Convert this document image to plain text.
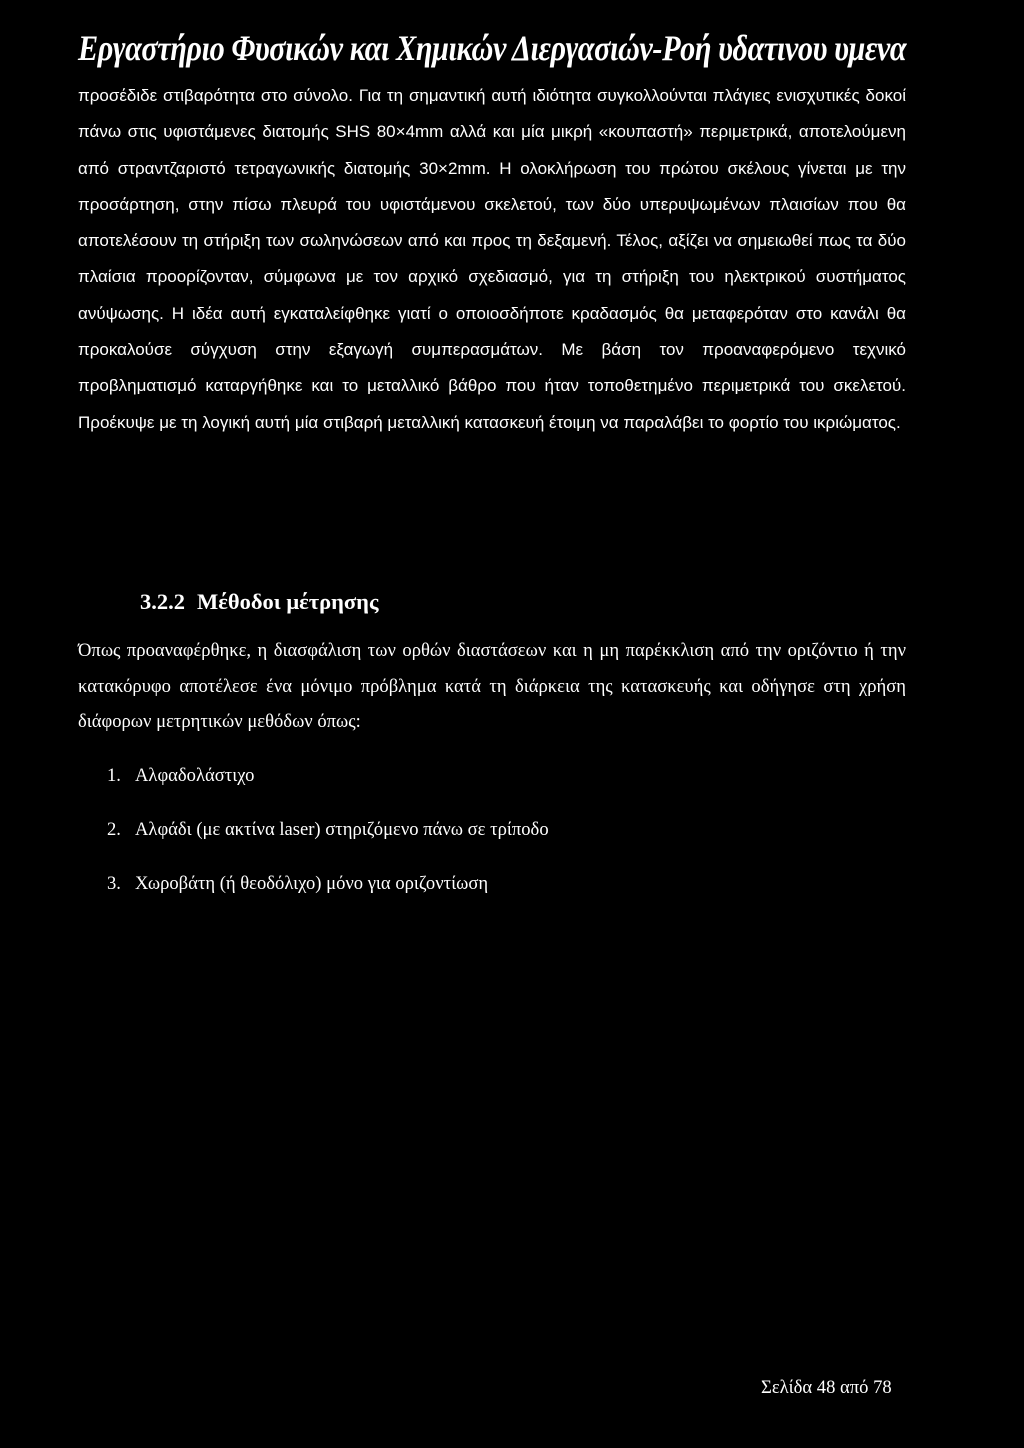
Εργαστήριο Φυσικών και Χημικών Διεργασιών-Ροή υδατινου υμενα

προσέδιδε στιβαρότητα στο σύνολο. Για τη σημαντική αυτή ιδιότητα συγκολλούνται πλάγιες ενισχυτικές δοκοί πάνω στις υφιστάμενες διατομής SHS 80×4mm αλλά και μία μικρή «κουπαστή» περιμετρικά, αποτελούμενη από στραντζαριστό τετραγωνικής διατομής 30×2mm. Η ολοκλήρωση του πρώτου σκέλους γίνεται με την προσάρτηση, στην πίσω πλευρά του υφιστάμενου σκελετού, των δύο υπερυψωμένων πλαισίων που θα αποτελέσουν τη στήριξη των σωληνώσεων από και προς τη δεξαμενή. Τέλος, αξίζει να σημειωθεί πως τα δύο πλαίσια προορίζονταν, σύμφωνα με τον αρχικό σχεδιασμό, για τη στήριξη του ηλεκτρικού συστήματος ανύψωσης. Η ιδέα αυτή εγκαταλείφθηκε γιατί ο οποιοσδήποτε κραδασμός θα μεταφερόταν στο κανάλι θα προκαλούσε σύγχυση στην εξαγωγή συμπερασμάτων. Με βάση τον προαναφερόμενο τεχνικό προβληματισμό καταργήθηκε και το μεταλλικό βάθρο που ήταν τοποθετημένο περιμετρικά του σκελετού. Προέκυψε με τη λογική αυτή μία στιβαρή μεταλλική κατασκευή έτοιμη να παραλάβει το φορτίο του ικριώματος.

3.2.2 Μέθοδοι μέτρησης

Όπως προαναφέρθηκε, η διασφάλιση των ορθών διαστάσεων και η μη παρέκκλιση από την οριζόντιο ή την κατακόρυφο αποτέλεσε ένα μόνιμο πρόβλημα κατά τη διάρκεια της κατασκευής και οδήγησε στη χρήση διάφορων μετρητικών μεθόδων όπως:

1. Αλφαδολάστιχο
2. Αλφάδι (με ακτίνα laser) στηριζόμενο πάνω σε τρίποδο
3. Χωροβάτη (ή θεοδόλιχο) μόνο για οριζοντίωση

Σελίδα 48 από 78
